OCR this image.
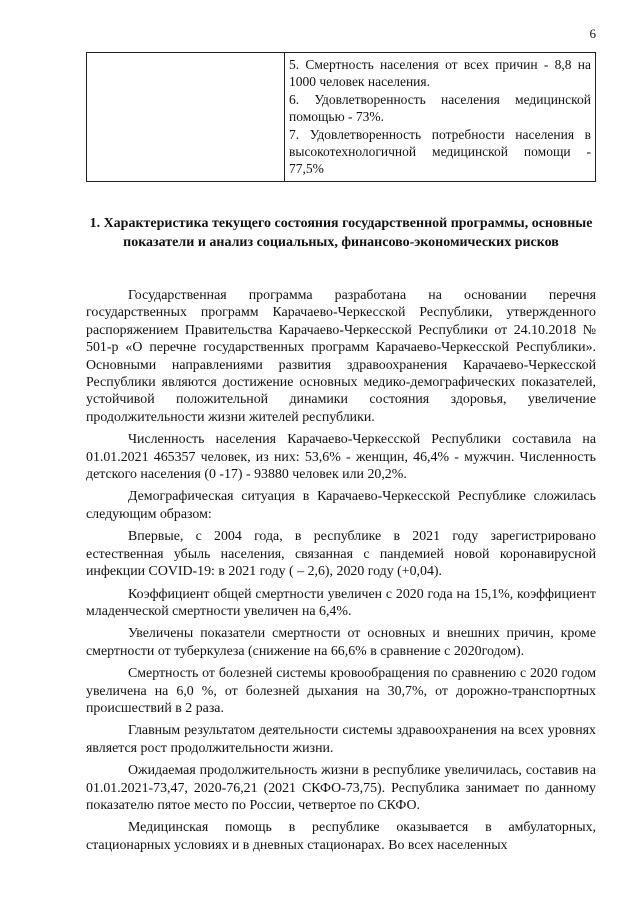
6

5. Смертность населения от всех причин - 8,8 на 1000 человек населения.

6. Удовлетворенность населения медицинской помощью - 73%.

7. Удовлетворенность потребности населения в высокотехнологичной медицинской помощи - 77,5%

1. Характеристика текущего состояния государственной программы, основные показатели и анализ социальных, финансово-экономических рисков

Государственная программа разработана на основании перечня государственных программ Карачаево-Черкесской Республики, утвержденного распоряжением Правительства Карачаево-Черкесской Республики от 24.10.2018 № 501-р «О перечне государственных программ Карачаево-Черкесской Республики». Основными направлениями развития здравоохранения Карачаево-Черкесской Республики являются достижение основных медико-демографических показателей, устойчивой положительной динамики состояния здоровья, увеличение продолжительности жизни жителей республики.

Численность населения Карачаево-Черкесской Республики составила на 01.01.2021 465357 человек, из них: 53,6% - женщин, 46,4% - мужчин. Численность детского населения (0 -17) - 93880 человек или 20,2%.

Демографическая ситуация в Карачаево-Черкесской Республике сложилась следующим образом:

Впервые, с 2004 года, в республике в 2021 году зарегистрировано естественная убыль населения, связанная с пандемией новой коронавирусной инфекции COVID-19: в 2021 году ( – 2,6), 2020 году (+0,04).

Коэффициент общей смертности увеличен с 2020 года на 15,1%, коэффициент младенческой смертности увеличен на 6,4%.

Увеличены показатели смертности от основных и внешних причин, кроме смертности от туберкулеза (снижение на 66,6% в сравнение с 2020годом).

Смертность от болезней системы кровообращения по сравнению с 2020 годом увеличена на 6,0 %, от болезней дыхания на 30,7%, от дорожно-транспортных происшествий в 2 раза.

Главным результатом деятельности системы здравоохранения на всех уровнях является рост продолжительности жизни.

Ожидаемая продолжительность жизни в республике увеличилась, составив на 01.01.2021-73,47, 2020-76,21 (2021 СКФО-73,75). Республика занимает по данному показателю пятое место по России, четвертое по СКФО.

Медицинская помощь в республике оказывается в амбулаторных, стационарных условиях и в дневных стационарах. Во всех населенных
